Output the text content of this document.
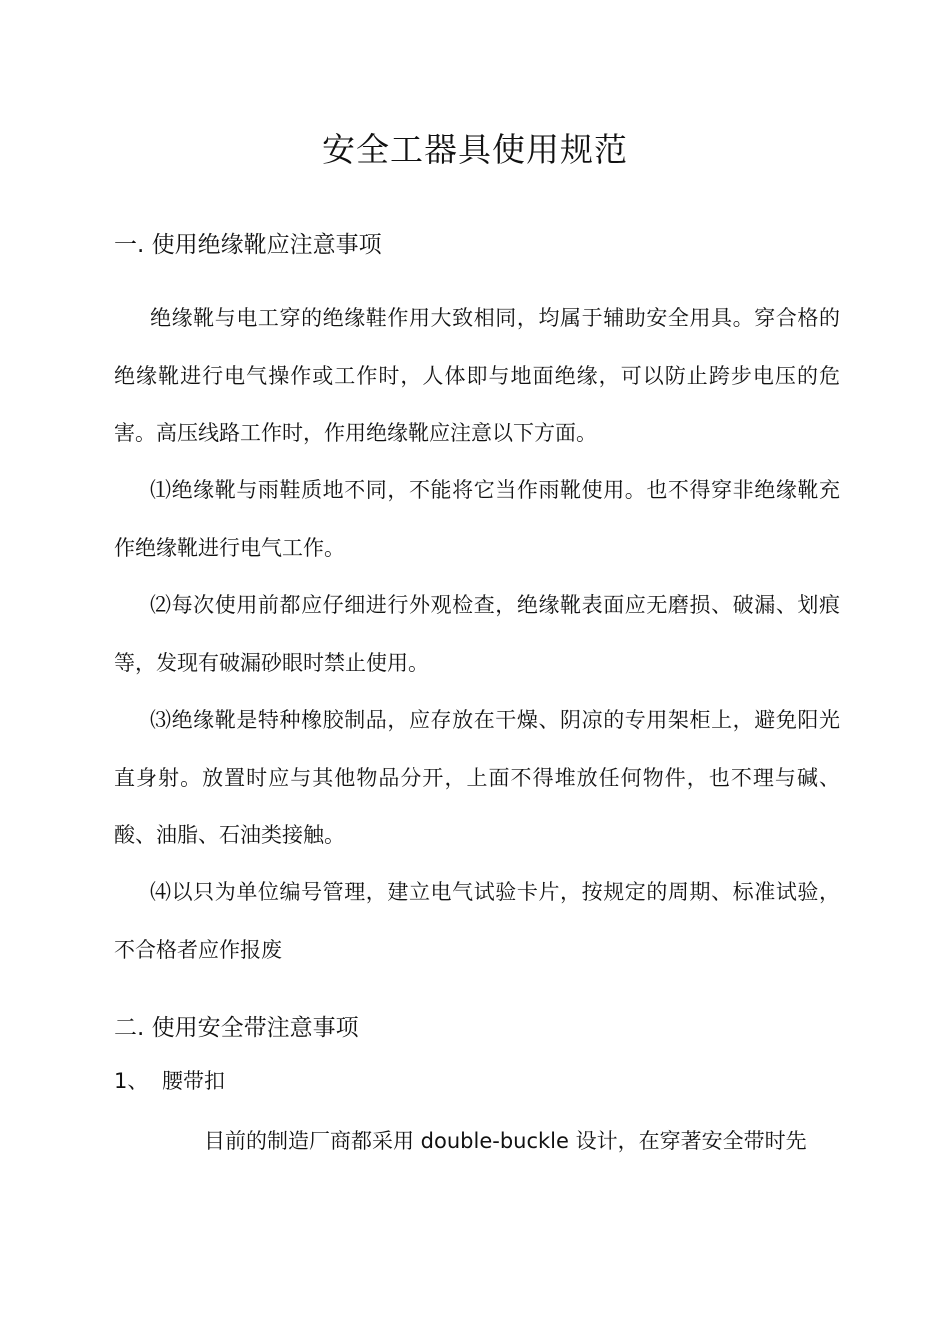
安全工器具使用规范
一. 使用绝缘靴应注意事项
绝缘靴与电工穿的绝缘鞋作用大致相同，均属于辅助安全用具。穿合格的绝缘靴进行电气操作或工作时，人体即与地面绝缘，可以防止跨步电压的危害。高压线路工作时，作用绝缘靴应注意以下方面。
⑴绝缘靴与雨鞋质地不同，不能将它当作雨靴使用。也不得穿非绝缘靴充作绝缘靴进行电气工作。
⑵每次使用前都应仔细进行外观检查，绝缘靴表面应无磨损、破漏、划痕等，发现有破漏砂眼时禁止使用。
⑶绝缘靴是特种橡胶制品，应存放在干燥、阴凉的专用架柜上，避免阳光直身射。放置时应与其他物品分开，上面不得堆放任何物件，也不理与碱、酸、油脂、石油类接触。
⑷以只为单位编号管理，建立电气试验卡片，按规定的周期、标准试验，不合格者应作报废
二. 使用安全带注意事项
1、 腰带扣
目前的制造厂商都采用 double-buckle 设计，在穿著安全带时先
